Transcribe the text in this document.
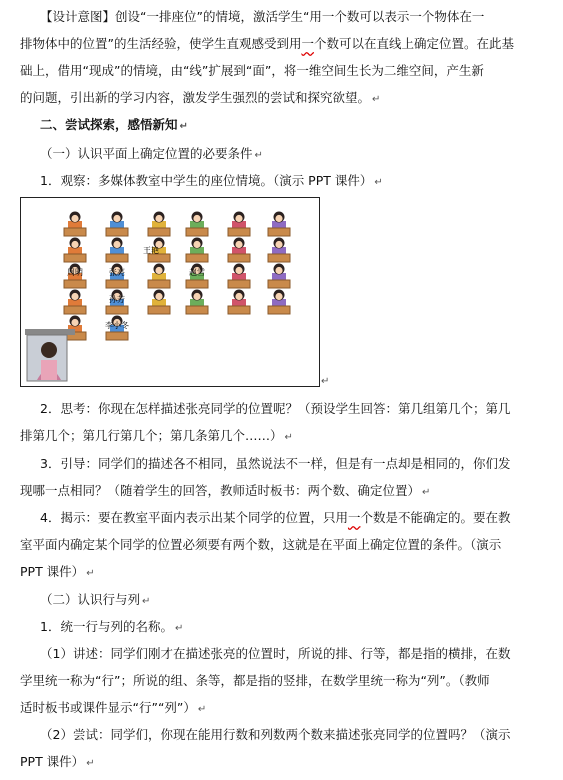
【设计意图】创设“一排座位”的情境，激活学生“用一个数可以表示一个物体在一
排物体中的位置”的生活经验，使学生直观感受到用一个数可以在直线上确定位置。在此基
础上，借用“现成”的情境，由“线”扩展到“面”，将一维空间生长为二维空间，产生新
的问题，引出新的学习内容，激发学生强烈的尝试和探究欲望。 ↵
二、尝试探索，感悟新知 ↵
（一）认识平面上确定位置的必要条件 ↵
1．观察：多媒体教室中学生的座位情境。（演示 PPT 课件） ↵
王艳
周明	张亮	赵雪
孙芳
李小冬
↵
2．思考：你现在怎样描述张亮同学的位置呢？（预设学生回答：第几组第几个；第几
排第几个；第几行第几个；第几条第几个……） ↵
3．引导：同学们的描述各不相同，虽然说法不一样，但是有一点却是相同的，你们发
现哪一点相同？（随着学生的回答，教师适时板书：两个数、确定位置） ↵
4．揭示：要在教室平面内表示出某个同学的位置，只用一个数是不能确定的。要在教
室平面内确定某个同学的位置必须要有两个数，这就是在平面上确定位置的条件。（演示
PPT 课件） ↵
（二）认识行与列 ↵
1．统一行与列的名称。 ↵
（1）讲述：同学们刚才在描述张亮的位置时，所说的排、行等，都是指的横排，在数
学里统一称为“行”；所说的组、条等，都是指的竖排，在数学里统一称为“列”。（教师
适时板书或课件显示“行”“列”） ↵
（2）尝试：同学们，你现在能用行数和列数两个数来描述张亮同学的位置吗？（演示
PPT 课件） ↵
